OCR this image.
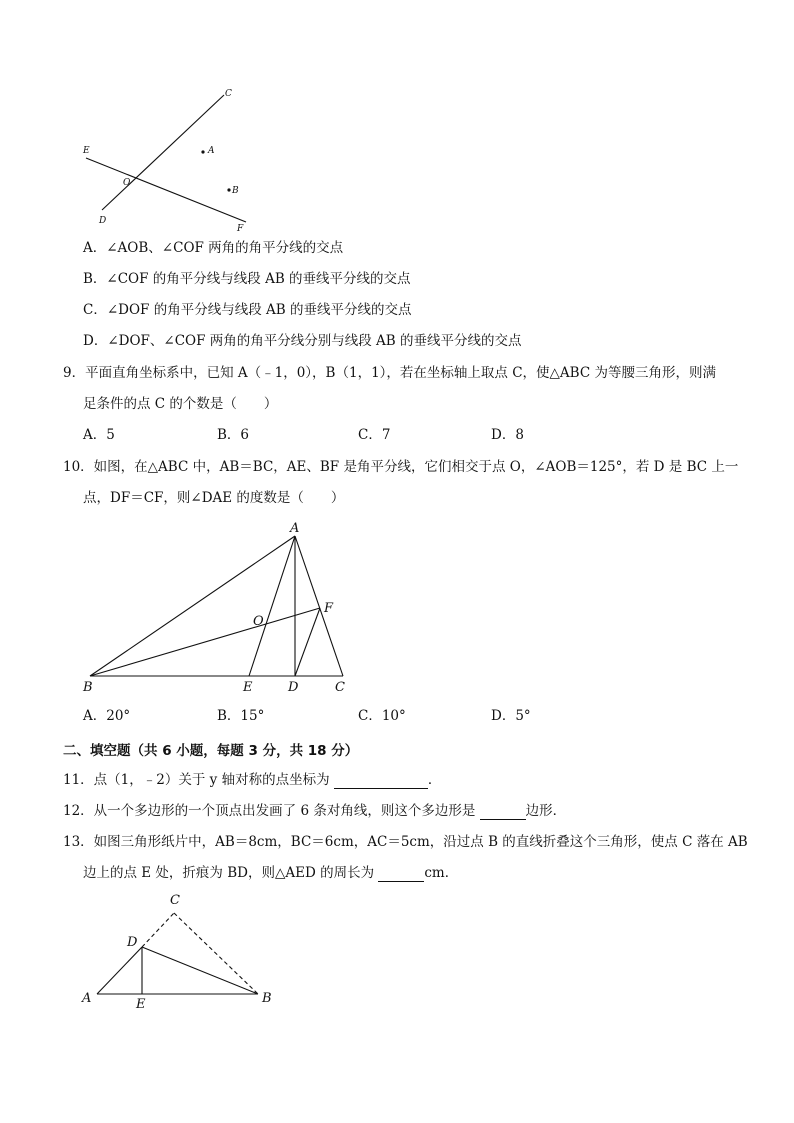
C
E	A
O
B
D
F
A．∠AOB、∠COF 两角的角平分线的交点
B．∠COF 的角平分线与线段 AB 的垂线平分线的交点
C．∠DOF 的角平分线与线段 AB 的垂线平分线的交点
D．∠DOF、∠COF 两角的角平分线分别与线段 AB 的垂线平分线的交点
9．平面直角坐标系中，已知 A（﹣1，0），B（1，1），若在坐标轴上取点 C，使△ABC 为等腰三角形，则满
足条件的点 C 的个数是（　　）
A．5	B．6	C．7	D．8
10．如图，在△ABC 中，AB＝BC，AE、BF 是角平分线，它们相交于点 O，∠AOB＝125°，若 D 是 BC 上一
点，DF＝CF，则∠DAE 的度数是（　　）
A
O
F
B	E	D	C
A．20°	B．15°	C．10°	D．5°
二、填空题（共 6 小题，每题 3 分，共 18 分）
11．点（1，﹣2）关于 y 轴对称的点坐标为	．
12．从一个多边形的一个顶点出发画了 6 条对角线，则这个多边形是	边形．
13．如图三角形纸片中，AB＝8cm，BC＝6cm，AC＝5cm，沿过点 B 的直线折叠这个三角形，使点 C 落在 AB
边上的点 E 处，折痕为 BD，则△AED 的周长为	cm．
C
D
A	E	B
